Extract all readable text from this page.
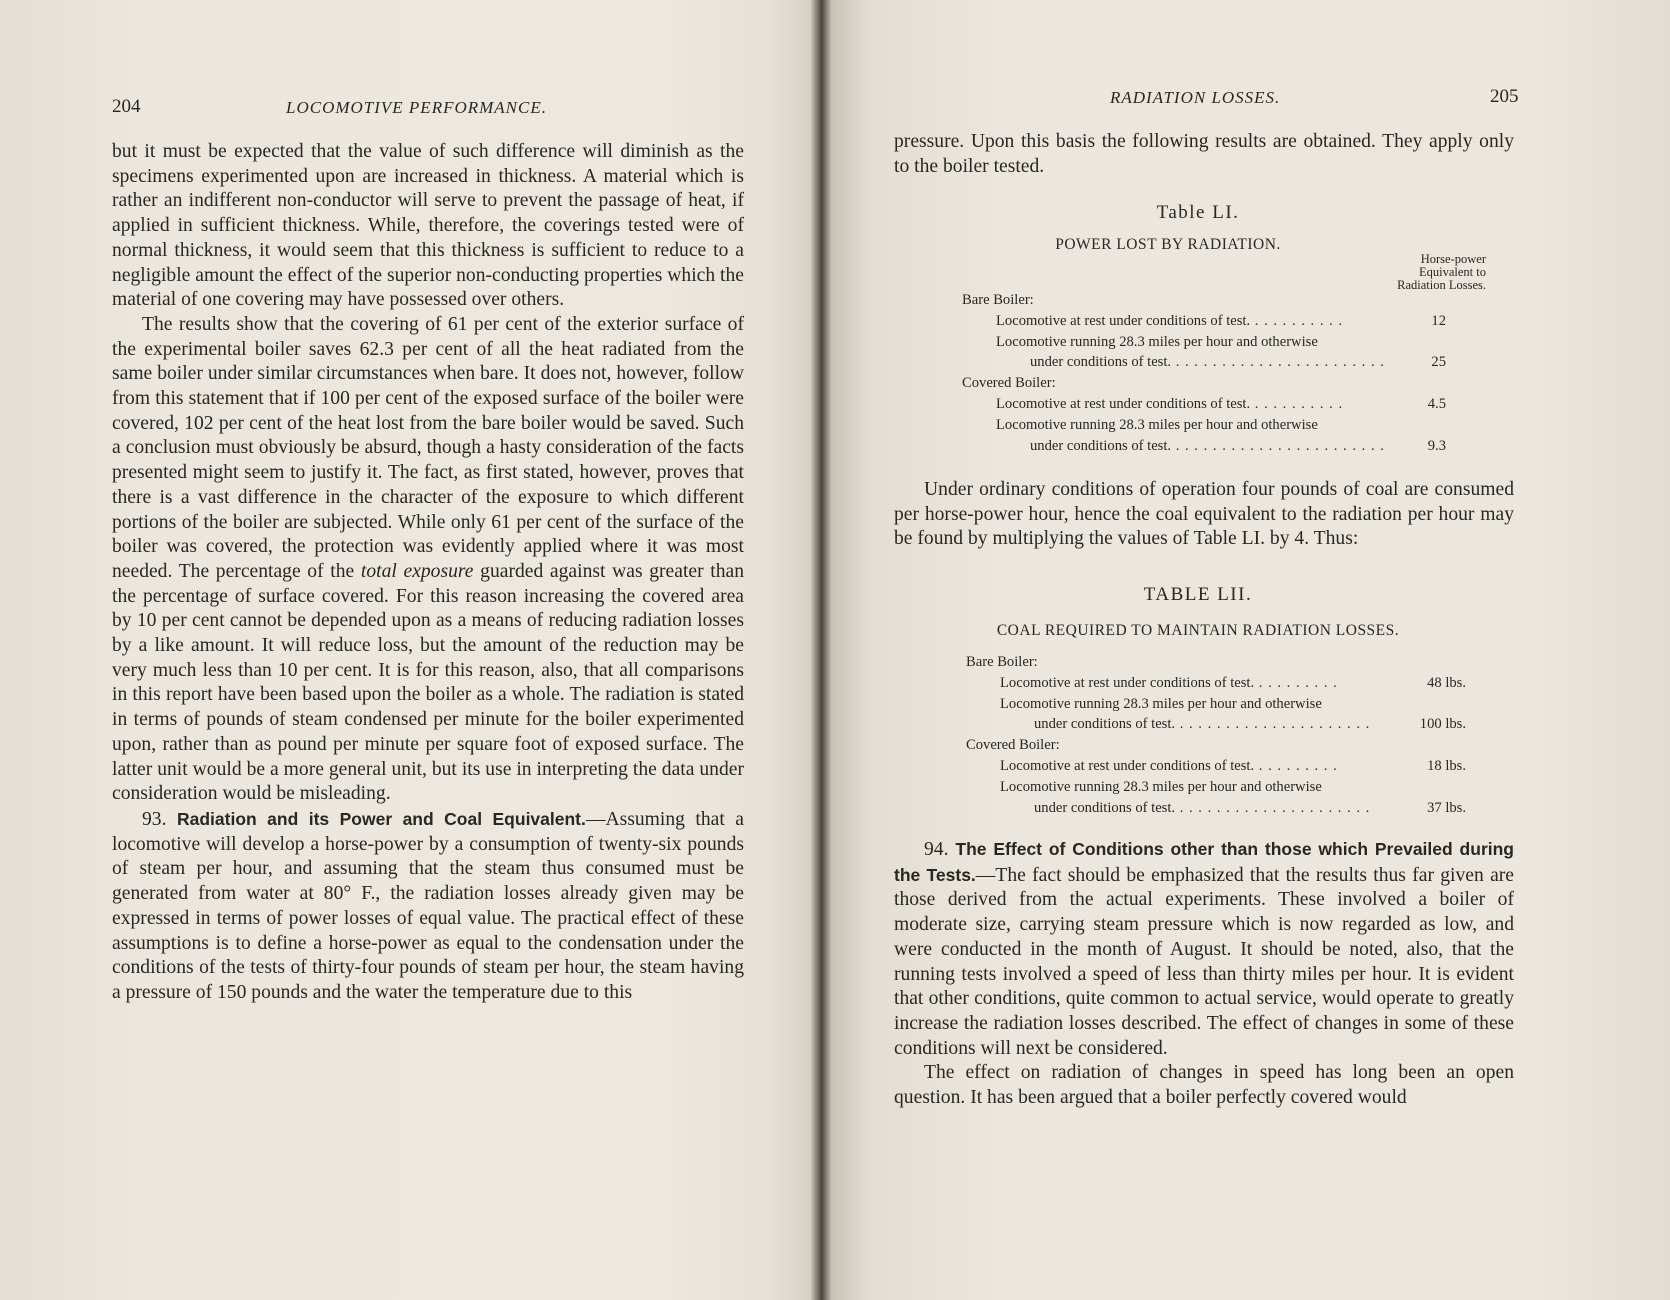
204	LOCOMOTIVE PERFORMANCE.

but it must be expected that the value of such difference will diminish as the specimens experimented upon are increased in thickness. A material which is rather an indifferent non-conductor will serve to prevent the passage of heat, if applied in sufficient thickness. While, therefore, the coverings tested were of normal thickness, it would seem that this thickness is sufficient to reduce to a negligible amount the effect of the superior non-conducting properties which the material of one covering may have possessed over others.

The results show that the covering of 61 per cent of the exterior surface of the experimental boiler saves 62.3 per cent of all the heat radiated from the same boiler under similar circumstances when bare. It does not, however, follow from this statement that if 100 per cent of the exposed surface of the boiler were covered, 102 per cent of the heat lost from the bare boiler would be saved. Such a conclusion must obviously be absurd, though a hasty consideration of the facts presented might seem to justify it. The fact, as first stated, however, proves that there is a vast difference in the character of the exposure to which different portions of the boiler are subjected. While only 61 per cent of the surface of the boiler was covered, the protection was evidently applied where it was most needed. The percentage of the total exposure guarded against was greater than the percentage of surface covered. For this reason increasing the covered area by 10 per cent cannot be depended upon as a means of reducing radiation losses by a like amount. It will reduce loss, but the amount of the reduction may be very much less than 10 per cent. It is for this reason, also, that all comparisons in this report have been based upon the boiler as a whole. The radiation is stated in terms of pounds of steam condensed per minute for the boiler experimented upon, rather than as pound per minute per square foot of exposed surface. The latter unit would be a more general unit, but its use in interpreting the data under consideration would be misleading.

93. Radiation and its Power and Coal Equivalent.—Assuming that a locomotive will develop a horse-power by a consumption of twenty-six pounds of steam per hour, and assuming that the steam thus consumed must be generated from water at 80° F., the radiation losses already given may be expressed in terms of power losses of equal value. The practical effect of these assumptions is to define a horse-power as equal to the condensation under the conditions of the tests of thirty-four pounds of steam per hour, the steam having a pressure of 150 pounds and the water the temperature due to this

RADIATION LOSSES.	205

pressure. Upon this basis the following results are obtained. They apply only to the boiler tested.

Table LI.
POWER LOST BY RADIATION.
Horse-power Equivalent to Radiation Losses.
Bare Boiler:
Locomotive at rest under conditions of test. . . . . . . . . . .	12
Locomotive running 28.3 miles per hour and otherwise
under conditions of test. . . . . . . . . . . . . . . . . . . . . . . .	25
Covered Boiler:
Locomotive at rest under conditions of test. . . . . . . . . . .	4.5
Locomotive running 28.3 miles per hour and otherwise
under conditions of test. . . . . . . . . . . . . . . . . . . . . . . .	9.3

Under ordinary conditions of operation four pounds of coal are consumed per horse-power hour, hence the coal equivalent to the radiation per hour may be found by multiplying the values of Table LI. by 4. Thus:

TABLE LII.
COAL REQUIRED TO MAINTAIN RADIATION LOSSES.
Bare Boiler:
Locomotive at rest under conditions of test. . . . . . . . . .	48 lbs.
Locomotive running 28.3 miles per hour and otherwise
under conditions of test. . . . . . . . . . . . . . . . . . . . . .	100 lbs.
Covered Boiler:
Locomotive at rest under conditions of test. . . . . . . . . .	18 lbs.
Locomotive running 28.3 miles per hour and otherwise
under conditions of test. . . . . . . . . . . . . . . . . . . . . .	37 lbs.

94. The Effect of Conditions other than those which Prevailed during the Tests.—The fact should be emphasized that the results thus far given are those derived from the actual experiments. These involved a boiler of moderate size, carrying steam pressure which is now regarded as low, and were conducted in the month of August. It should be noted, also, that the running tests involved a speed of less than thirty miles per hour. It is evident that other conditions, quite common to actual service, would operate to greatly increase the radiation losses described. The effect of changes in some of these conditions will next be considered.

The effect on radiation of changes in speed has long been an open question. It has been argued that a boiler perfectly covered would
